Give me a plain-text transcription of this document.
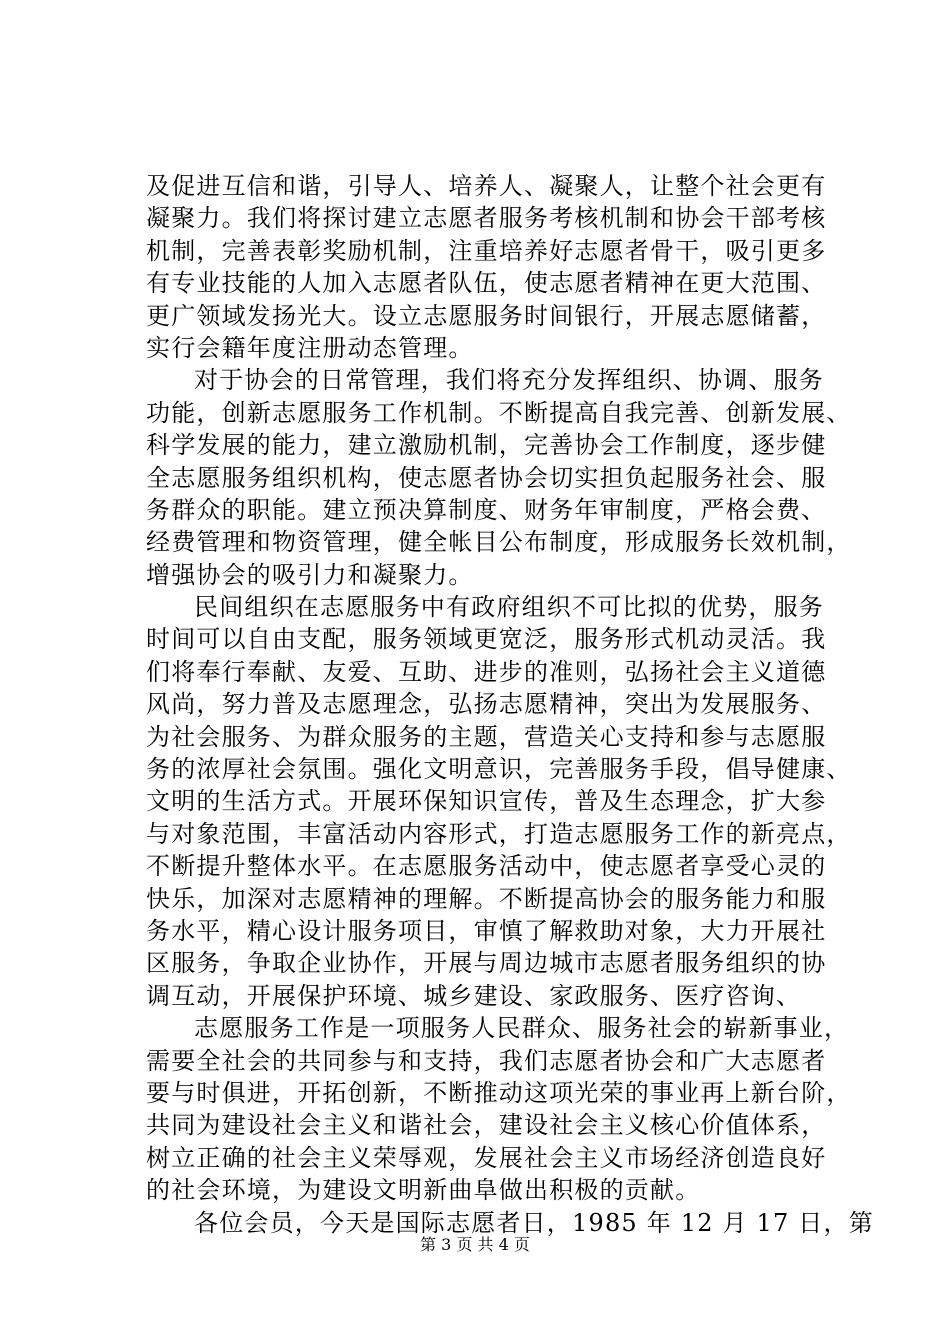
及促进互信和谐，引导人、培养人、凝聚人，让整个社会更有
凝聚力。我们将探讨建立志愿者服务考核机制和协会干部考核
机制，完善表彰奖励机制，注重培养好志愿者骨干，吸引更多
有专业技能的人加入志愿者队伍，使志愿者精神在更大范围、
更广领域发扬光大。设立志愿服务时间银行，开展志愿储蓄，
实行会籍年度注册动态管理。
对于协会的日常管理，我们将充分发挥组织、协调、服务
功能，创新志愿服务工作机制。不断提高自我完善、创新发展、
科学发展的能力，建立激励机制，完善协会工作制度，逐步健
全志愿服务组织机构，使志愿者协会切实担负起服务社会、服
务群众的职能。建立预决算制度、财务年审制度，严格会费、
经费管理和物资管理，健全帐目公布制度，形成服务长效机制，
增强协会的吸引力和凝聚力。
民间组织在志愿服务中有政府组织不可比拟的优势，服务
时间可以自由支配，服务领域更宽泛，服务形式机动灵活。我
们将奉行奉献、友爱、互助、进步的准则，弘扬社会主义道德
风尚，努力普及志愿理念，弘扬志愿精神，突出为发展服务、
为社会服务、为群众服务的主题，营造关心支持和参与志愿服
务的浓厚社会氛围。强化文明意识，完善服务手段，倡导健康、
文明的生活方式。开展环保知识宣传，普及生态理念，扩大参
与对象范围，丰富活动内容形式，打造志愿服务工作的新亮点，
不断提升整体水平。在志愿服务活动中，使志愿者享受心灵的
快乐，加深对志愿精神的理解。不断提高协会的服务能力和服
务水平，精心设计服务项目，审慎了解救助对象，大力开展社
区服务，争取企业协作，开展与周边城市志愿者服务组织的协
调互动，开展保护环境、城乡建设、家政服务、医疗咨询、
志愿服务工作是一项服务人民群众、服务社会的崭新事业，
需要全社会的共同参与和支持，我们志愿者协会和广大志愿者
要与时俱进，开拓创新，不断推动这项光荣的事业再上新台阶，
共同为建设社会主义和谐社会，建设社会主义核心价值体系，
树立正确的社会主义荣辱观，发展社会主义市场经济创造良好
的社会环境，为建设文明新曲阜做出积极的贡献。
各位会员，今天是国际志愿者日，1985 年 12 月 17 日，第
第 3 页 共 4 页
